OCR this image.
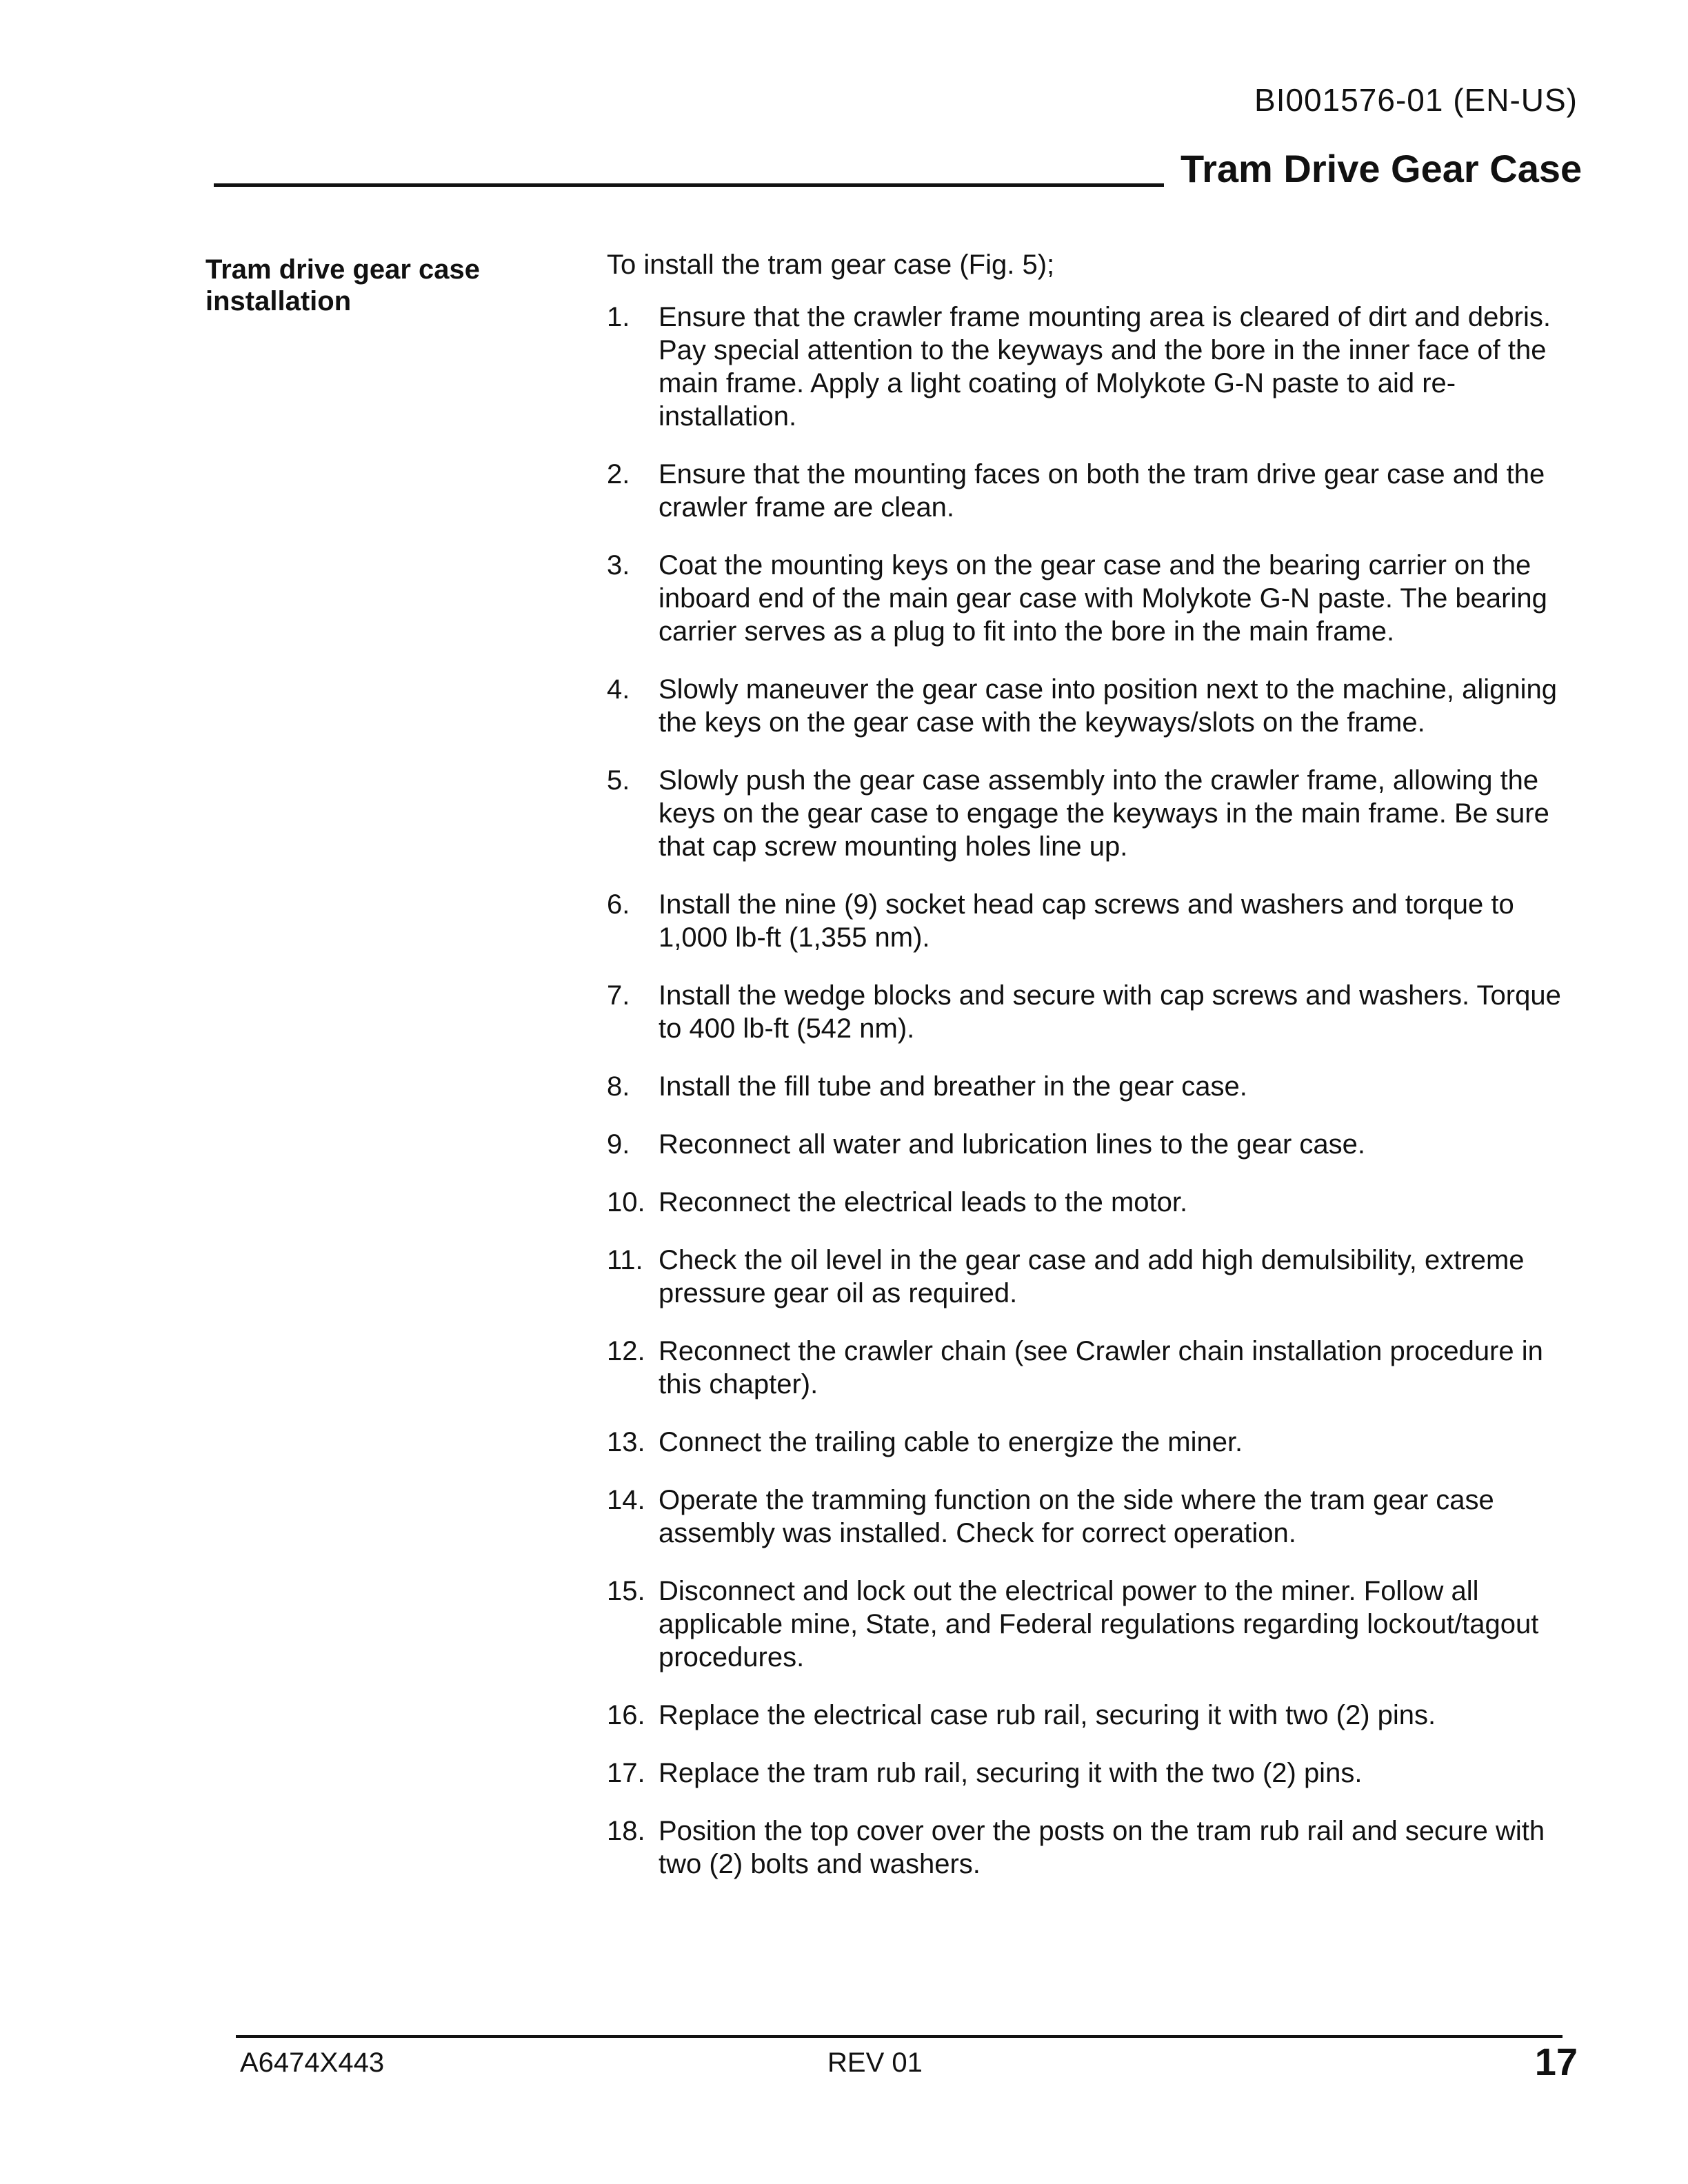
BI001576-01 (EN-US)
Tram Drive Gear Case
Tram drive gear case
installation

To install the tram gear case (Fig. 5);

1.	Ensure that the crawler frame mounting area is cleared of dirt and debris. Pay special attention to the keyways and the bore in the inner face of the main frame. Apply a light coating of Molykote G-N paste to aid re-installation.
2.	Ensure that the mounting faces on both the tram drive gear case and the crawler frame are clean.
3.	Coat the mounting keys on the gear case and the bearing carrier on the inboard end of the main gear case with Molykote G-N paste. The bearing carrier serves as a plug to fit into the bore in the main frame.
4.	Slowly maneuver the gear case into position next to the machine, aligning the keys on the gear case with the keyways/slots on the frame.
5.	Slowly push the gear case assembly into the crawler frame, allowing the keys on the gear case to engage the keyways in the main frame. Be sure that cap screw mounting holes line up.
6.	Install the nine (9) socket head cap screws and washers and torque to 1,000 lb-ft (1,355 nm).
7.	Install the wedge blocks and secure with cap screws and washers. Torque to 400 lb-ft (542 nm).
8.	Install the fill tube and breather in the gear case.
9.	Reconnect all water and lubrication lines to the gear case.
10. Reconnect the electrical leads to the motor.
11. Check the oil level in the gear case and add high demulsibility, extreme pressure gear oil as required.
12. Reconnect the crawler chain (see Crawler chain installation procedure in this chapter).
13. Connect the trailing cable to energize the miner.
14. Operate the tramming function on the side where the tram gear case assembly was installed. Check for correct operation.
15. Disconnect and lock out the electrical power to the miner. Follow all applicable mine, State, and Federal regulations regarding lockout/tagout procedures.
16. Replace the electrical case rub rail, securing it with two (2) pins.
17. Replace the tram rub rail, securing it with the two (2) pins.
18. Position the top cover over the posts on the tram rub rail and secure with two (2) bolts and washers.
A6474X443	REV 01	17
